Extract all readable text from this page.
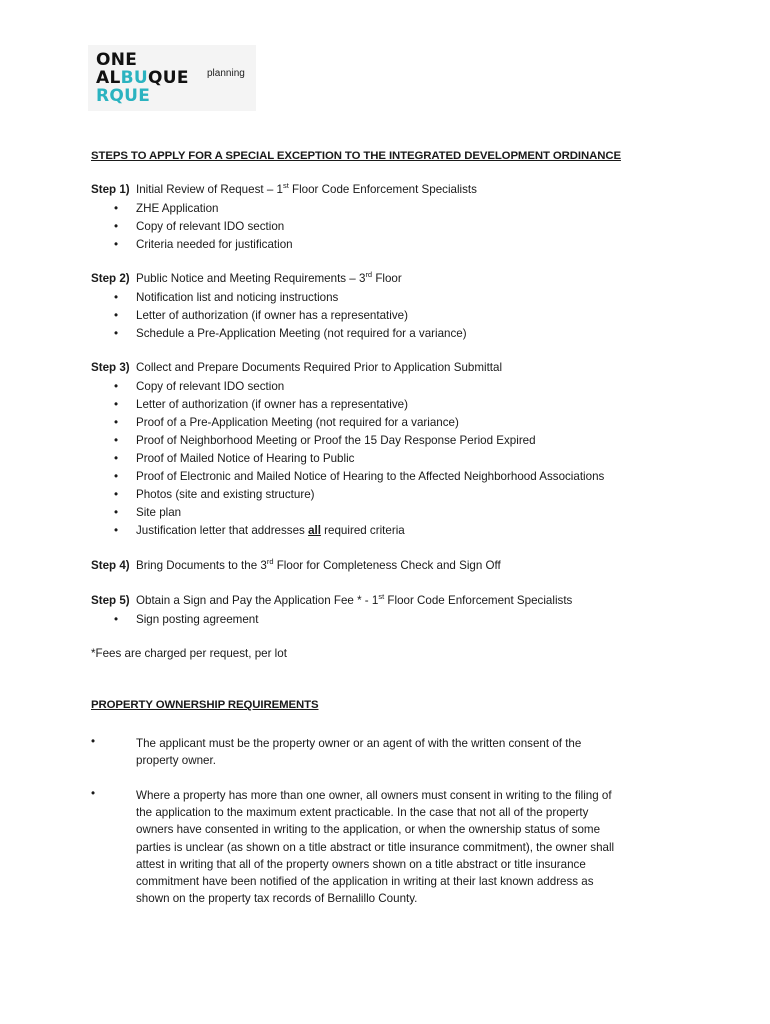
ONE
ALBUQUE
RQUE
planning
STEPS TO APPLY FOR A SPECIAL EXCEPTION TO THE INTEGRATED DEVELOPMENT ORDINANCE
Step 1) Initial Review of Request – 1st Floor Code Enforcement Specialists
• ZHE Application
• Copy of relevant IDO section
• Criteria needed for justification
Step 2) Public Notice and Meeting Requirements – 3rd Floor
• Notification list and noticing instructions
• Letter of authorization (if owner has a representative)
• Schedule a Pre-Application Meeting (not required for a variance)
Step 3) Collect and Prepare Documents Required Prior to Application Submittal
• Copy of relevant IDO section
• Letter of authorization (if owner has a representative)
• Proof of a Pre-Application Meeting (not required for a variance)
• Proof of Neighborhood Meeting or Proof the 15 Day Response Period Expired
• Proof of Mailed Notice of Hearing to Public
• Proof of Electronic and Mailed Notice of Hearing to the Affected Neighborhood Associations
• Photos (site and existing structure)
• Site plan
• Justification letter that addresses all required criteria
Step 4) Bring Documents to the 3rd Floor for Completeness Check and Sign Off
Step 5) Obtain a Sign and Pay the Application Fee * - 1st Floor Code Enforcement Specialists
• Sign posting agreement
*Fees are charged per request, per lot
PROPERTY OWNERSHIP REQUIREMENTS
•	The applicant must be the property owner or an agent of with the written consent of the
property owner.
•	Where a property has more than one owner, all owners must consent in writing to the filing of
the application to the maximum extent practicable. In the case that not all of the property
owners have consented in writing to the application, or when the ownership status of some
parties is unclear (as shown on a title abstract or title insurance commitment), the owner shall
attest in writing that all of the property owners shown on a title abstract or title insurance
commitment have been notified of the application in writing at their last known address as
shown on the property tax records of Bernalillo County.
